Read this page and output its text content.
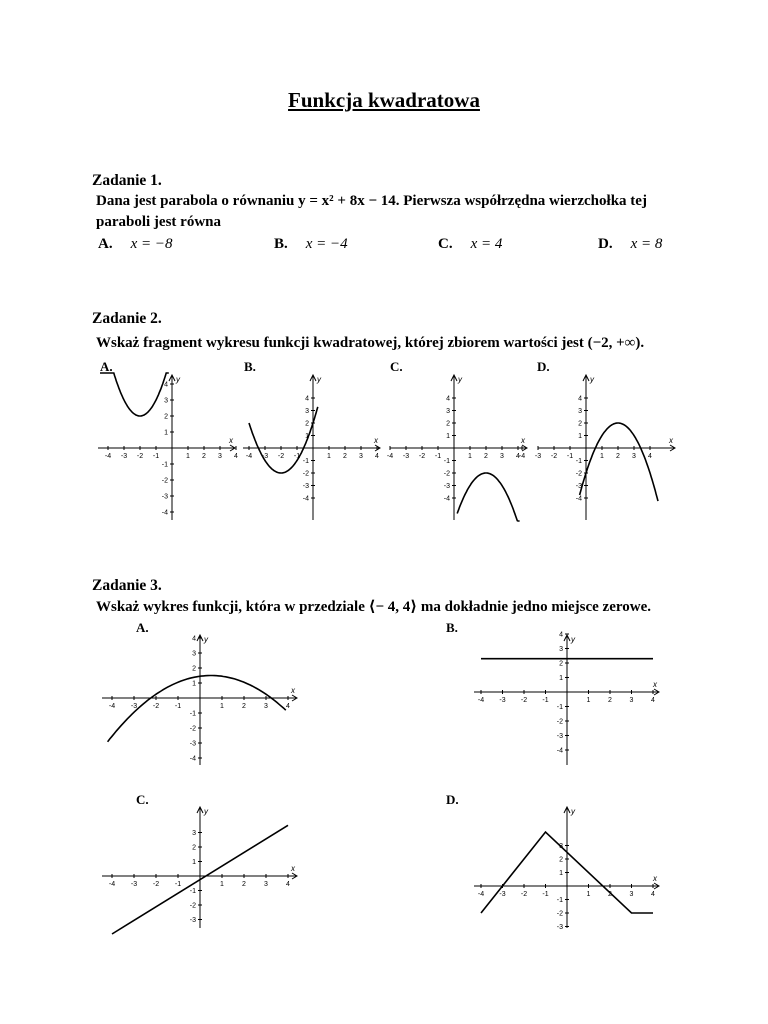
Funkcja kwadratowa
Zadanie 1.
Dana jest parabola o równaniu y = x² + 8x − 14. Pierwsza współrzędna wierzchołka tej
paraboli jest równa
A. x = −8	B. x = −4	C. x = 4	D. x = 8
Zadanie 2.
Wskaż fragment wykresu funkcji kwadratowej, której zbiorem wartości jest (−2, +∞).
A.	B.	C.	D.
x
y
-4 -3 -2 -1	1 2 3 4
-4
-3
-2
-1
1
2
3
4
x
y
-4 -3 -2 -1	1 2 3 4
-4
-3
-2
-1
1
2
3
4
x
y
-4 -3 -2 -1	1 2 3 4
-4
-3
-2
-1
1
2
3
4
x
y
-4 -3 -2 -1	1 2 3 4
-4
-3
-2
-1
1
2
3
4
Zadanie 3.
Wskaż wykres funkcji, która w przedziale ⟨− 4, 4⟩ ma dokładnie jedno miejsce zerowe.
A.	B.
C.	D.
x
y
-4 -3 -2 -1	1	2	3	4
-4
-3
-2
-1
1
2
3
4
x
y
-4 -3 -2 -1	1	2	3	4
-4
-3
-2
-1
1
2
3
4
x
y
-4 -3 -2 -1	1	2	3	4
-3
-2
-1
1
2
3
x
y
-4 -3 -2 -1	1	2	3	4
-3
-2
-1
1
2
3
